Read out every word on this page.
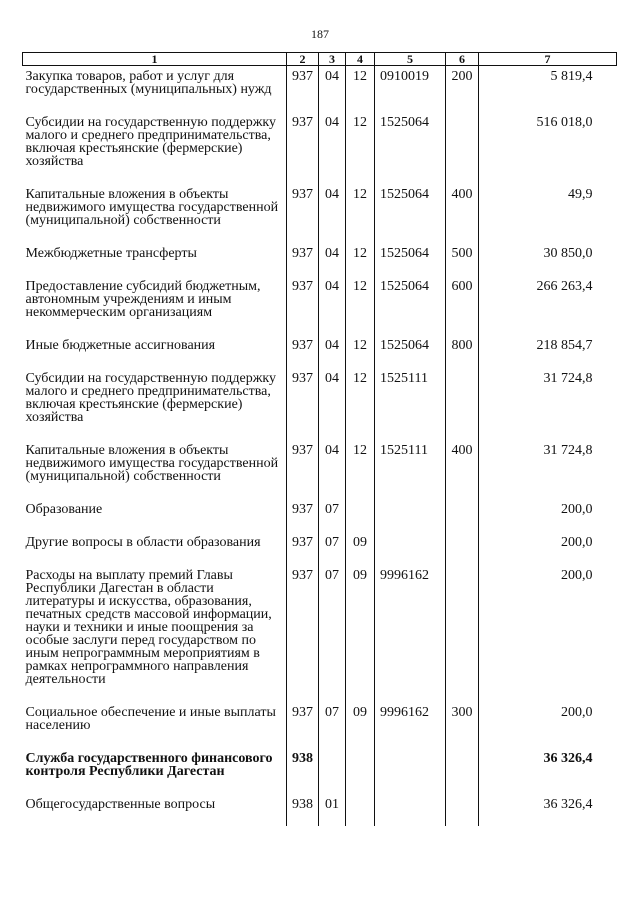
187
1	2	3	4	5	6	7
Закупка товаров, работ и услуг для государственных (муниципальных) нужд	937	04	12	0910019	200	5 819,4
Субсидии на государственную поддержку малого и среднего предпринимательства, включая крестьянские (фермерские) хозяйства	937	04	12	1525064		516 018,0
Капитальные вложения в объекты недвижимого имущества государственной (муниципальной) собственности	937	04	12	1525064	400	49,9
Межбюджетные трансферты	937	04	12	1525064	500	30 850,0
Предоставление субсидий бюджетным, автономным учреждениям и иным некоммерческим организациям	937	04	12	1525064	600	266 263,4
Иные бюджетные ассигнования	937	04	12	1525064	800	218 854,7
Субсидии на государственную поддержку малого и среднего предпринимательства, включая крестьянские (фермерские) хозяйства	937	04	12	1525111		31 724,8
Капитальные вложения в объекты недвижимого имущества государственной (муниципальной) собственности	937	04	12	1525111	400	31 724,8
Образование	937	07				200,0
Другие вопросы в области образования	937	07	09			200,0
Расходы на выплату премий Главы Республики Дагестан в области литературы и искусства, образования, печатных средств массовой информации, науки и техники и иные поощрения за особые заслуги перед государством по иным непрограммным мероприятиям в рамках непрограммного направления деятельности	937	07	09	9996162		200,0
Социальное обеспечение и иные выплаты населению	937	07	09	9996162	300	200,0
Служба государственного финансового контроля Республики Дагестан	938					36 326,4
Общегосударственные вопросы	938	01				36 326,4
